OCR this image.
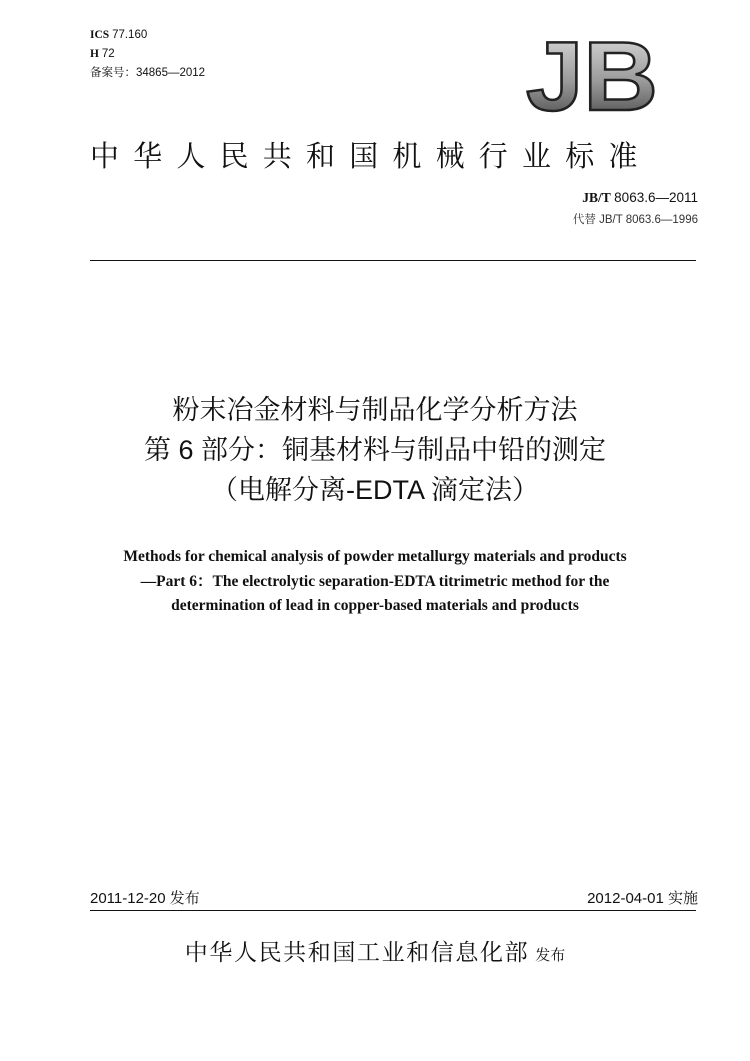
ICS 77.160
H 72
备案号：34865—2012	JB
中华人民共和国机械行业标准
JB/T 8063.6—2011
代替 JB/T 8063.6—1996
粉末冶金材料与制品化学分析方法
第 6 部分：铜基材料与制品中铅的测定
（电解分离-EDTA 滴定法）
Methods for chemical analysis of powder metallurgy materials and products
—Part 6：The electrolytic separation-EDTA titrimetric method for the
determination of lead in copper-based materials and products
2011-12-20 发布	2012-04-01 实施
中华人民共和国工业和信息化部 发布
